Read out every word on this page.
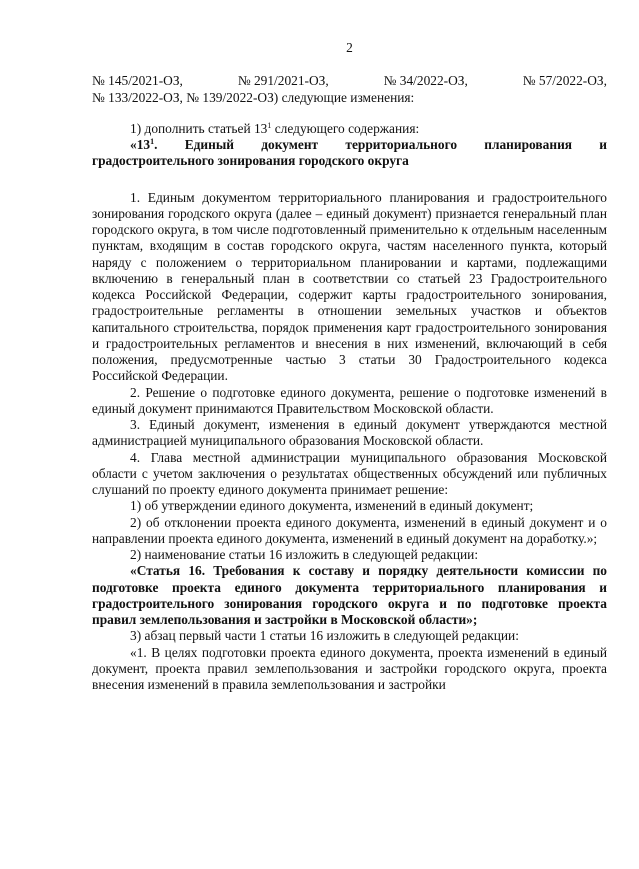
2
№ 145/2021-ОЗ,	№ 291/2021-ОЗ,	№ 34/2022-ОЗ,	№ 57/2022-ОЗ,

№ 133/2022-ОЗ, № 139/2022-ОЗ) следующие изменения:

1) дополнить статьей $13^1$ следующего содержания:

«$13^1$. Единый документ территориального планирования и градостроительного зонирования городского округа

1. Единым документом территориального планирования и градостроительного зонирования городского округа (далее – единый документ) признается генеральный план городского округа, в том числе подготовленный применительно к отдельным населенным пунктам, входящим в состав городского округа, частям населенного пункта, который наряду с положением о территориальном планировании и картами, подлежащими включению в генеральный план в соответствии со статьей 23 Градостроительного кодекса Российской Федерации, содержит карты градостроительного зонирования, градостроительные регламенты в отношении земельных участков и объектов капитального строительства, порядок применения карт градостроительного зонирования и градостроительных регламентов и внесения в них изменений, включающий в себя положения, предусмотренные частью 3 статьи 30 Градостроительного кодекса Российской Федерации.

2. Решение о подготовке единого документа, решение о подготовке изменений в единый документ принимаются Правительством Московской области.

3. Единый документ, изменения в единый документ утверждаются местной администрацией муниципального образования Московской области.

4. Глава местной администрации муниципального образования Московской области с учетом заключения о результатах общественных обсуждений или публичных слушаний по проекту единого документа принимает решение:

1) об утверждении единого документа, изменений в единый документ;

2) об отклонении проекта единого документа, изменений в единый документ и о направлении проекта единого документа, изменений в единый документ на доработку.»;

2) наименование статьи 16 изложить в следующей редакции:

«Статья 16. Требования к составу и порядку деятельности комиссии по подготовке проекта единого документа территориального планирования и градостроительного зонирования городского округа и по подготовке проекта правил землепользования и застройки в Московской области»;

3) абзац первый части 1 статьи 16 изложить в следующей редакции:

«1. В целях подготовки проекта единого документа, проекта изменений в единый документ, проекта правил землепользования и застройки городского округа, проекта внесения изменений в правила землепользования и застройки
